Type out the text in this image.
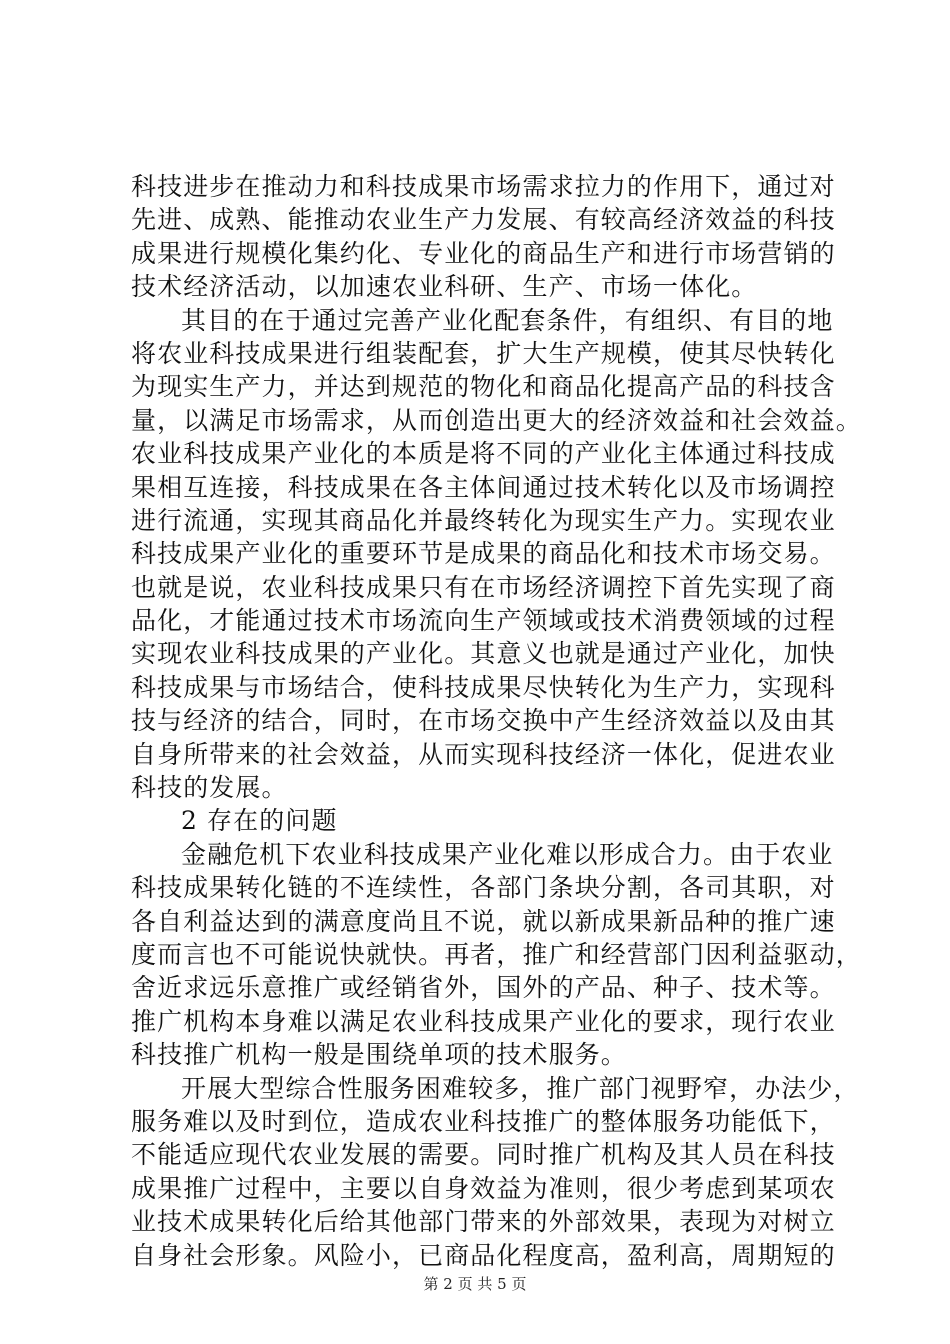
科技进步在推动力和科技成果市场需求拉力的作用下，通过对
先进、成熟、能推动农业生产力发展、有较高经济效益的科技
成果进行规模化集约化、专业化的商品生产和进行市场营销的
技术经济活动，以加速农业科研、生产、市场一体化。
其目的在于通过完善产业化配套条件，有组织、有目的地
将农业科技成果进行组装配套，扩大生产规模，使其尽快转化
为现实生产力，并达到规范的物化和商品化提高产品的科技含
量，以满足市场需求，从而创造出更大的经济效益和社会效益。
农业科技成果产业化的本质是将不同的产业化主体通过科技成
果相互连接，科技成果在各主体间通过技术转化以及市场调控
进行流通，实现其商品化并最终转化为现实生产力。实现农业
科技成果产业化的重要环节是成果的商品化和技术市场交易。
也就是说，农业科技成果只有在市场经济调控下首先实现了商
品化，才能通过技术市场流向生产领域或技术消费领域的过程
实现农业科技成果的产业化。其意义也就是通过产业化，加快
科技成果与市场结合，使科技成果尽快转化为生产力，实现科
技与经济的结合，同时，在市场交换中产生经济效益以及由其
自身所带来的社会效益，从而实现科技经济一体化，促进农业
科技的发展。
2 存在的问题
金融危机下农业科技成果产业化难以形成合力。由于农业
科技成果转化链的不连续性，各部门条块分割，各司其职，对
各自利益达到的满意度尚且不说，就以新成果新品种的推广速
度而言也不可能说快就快。再者，推广和经营部门因利益驱动，
舍近求远乐意推广或经销省外，国外的产品、种子、技术等。
推广机构本身难以满足农业科技成果产业化的要求，现行农业
科技推广机构一般是围绕单项的技术服务。
开展大型综合性服务困难较多，推广部门视野窄，办法少，
服务难以及时到位，造成农业科技推广的整体服务功能低下，
不能适应现代农业发展的需要。同时推广机构及其人员在科技
成果推广过程中，主要以自身效益为准则，很少考虑到某项农
业技术成果转化后给其他部门带来的外部效果，表现为对树立
自身社会形象。风险小，已商品化程度高，盈利高，周期短的
第 2 页 共 5 页
